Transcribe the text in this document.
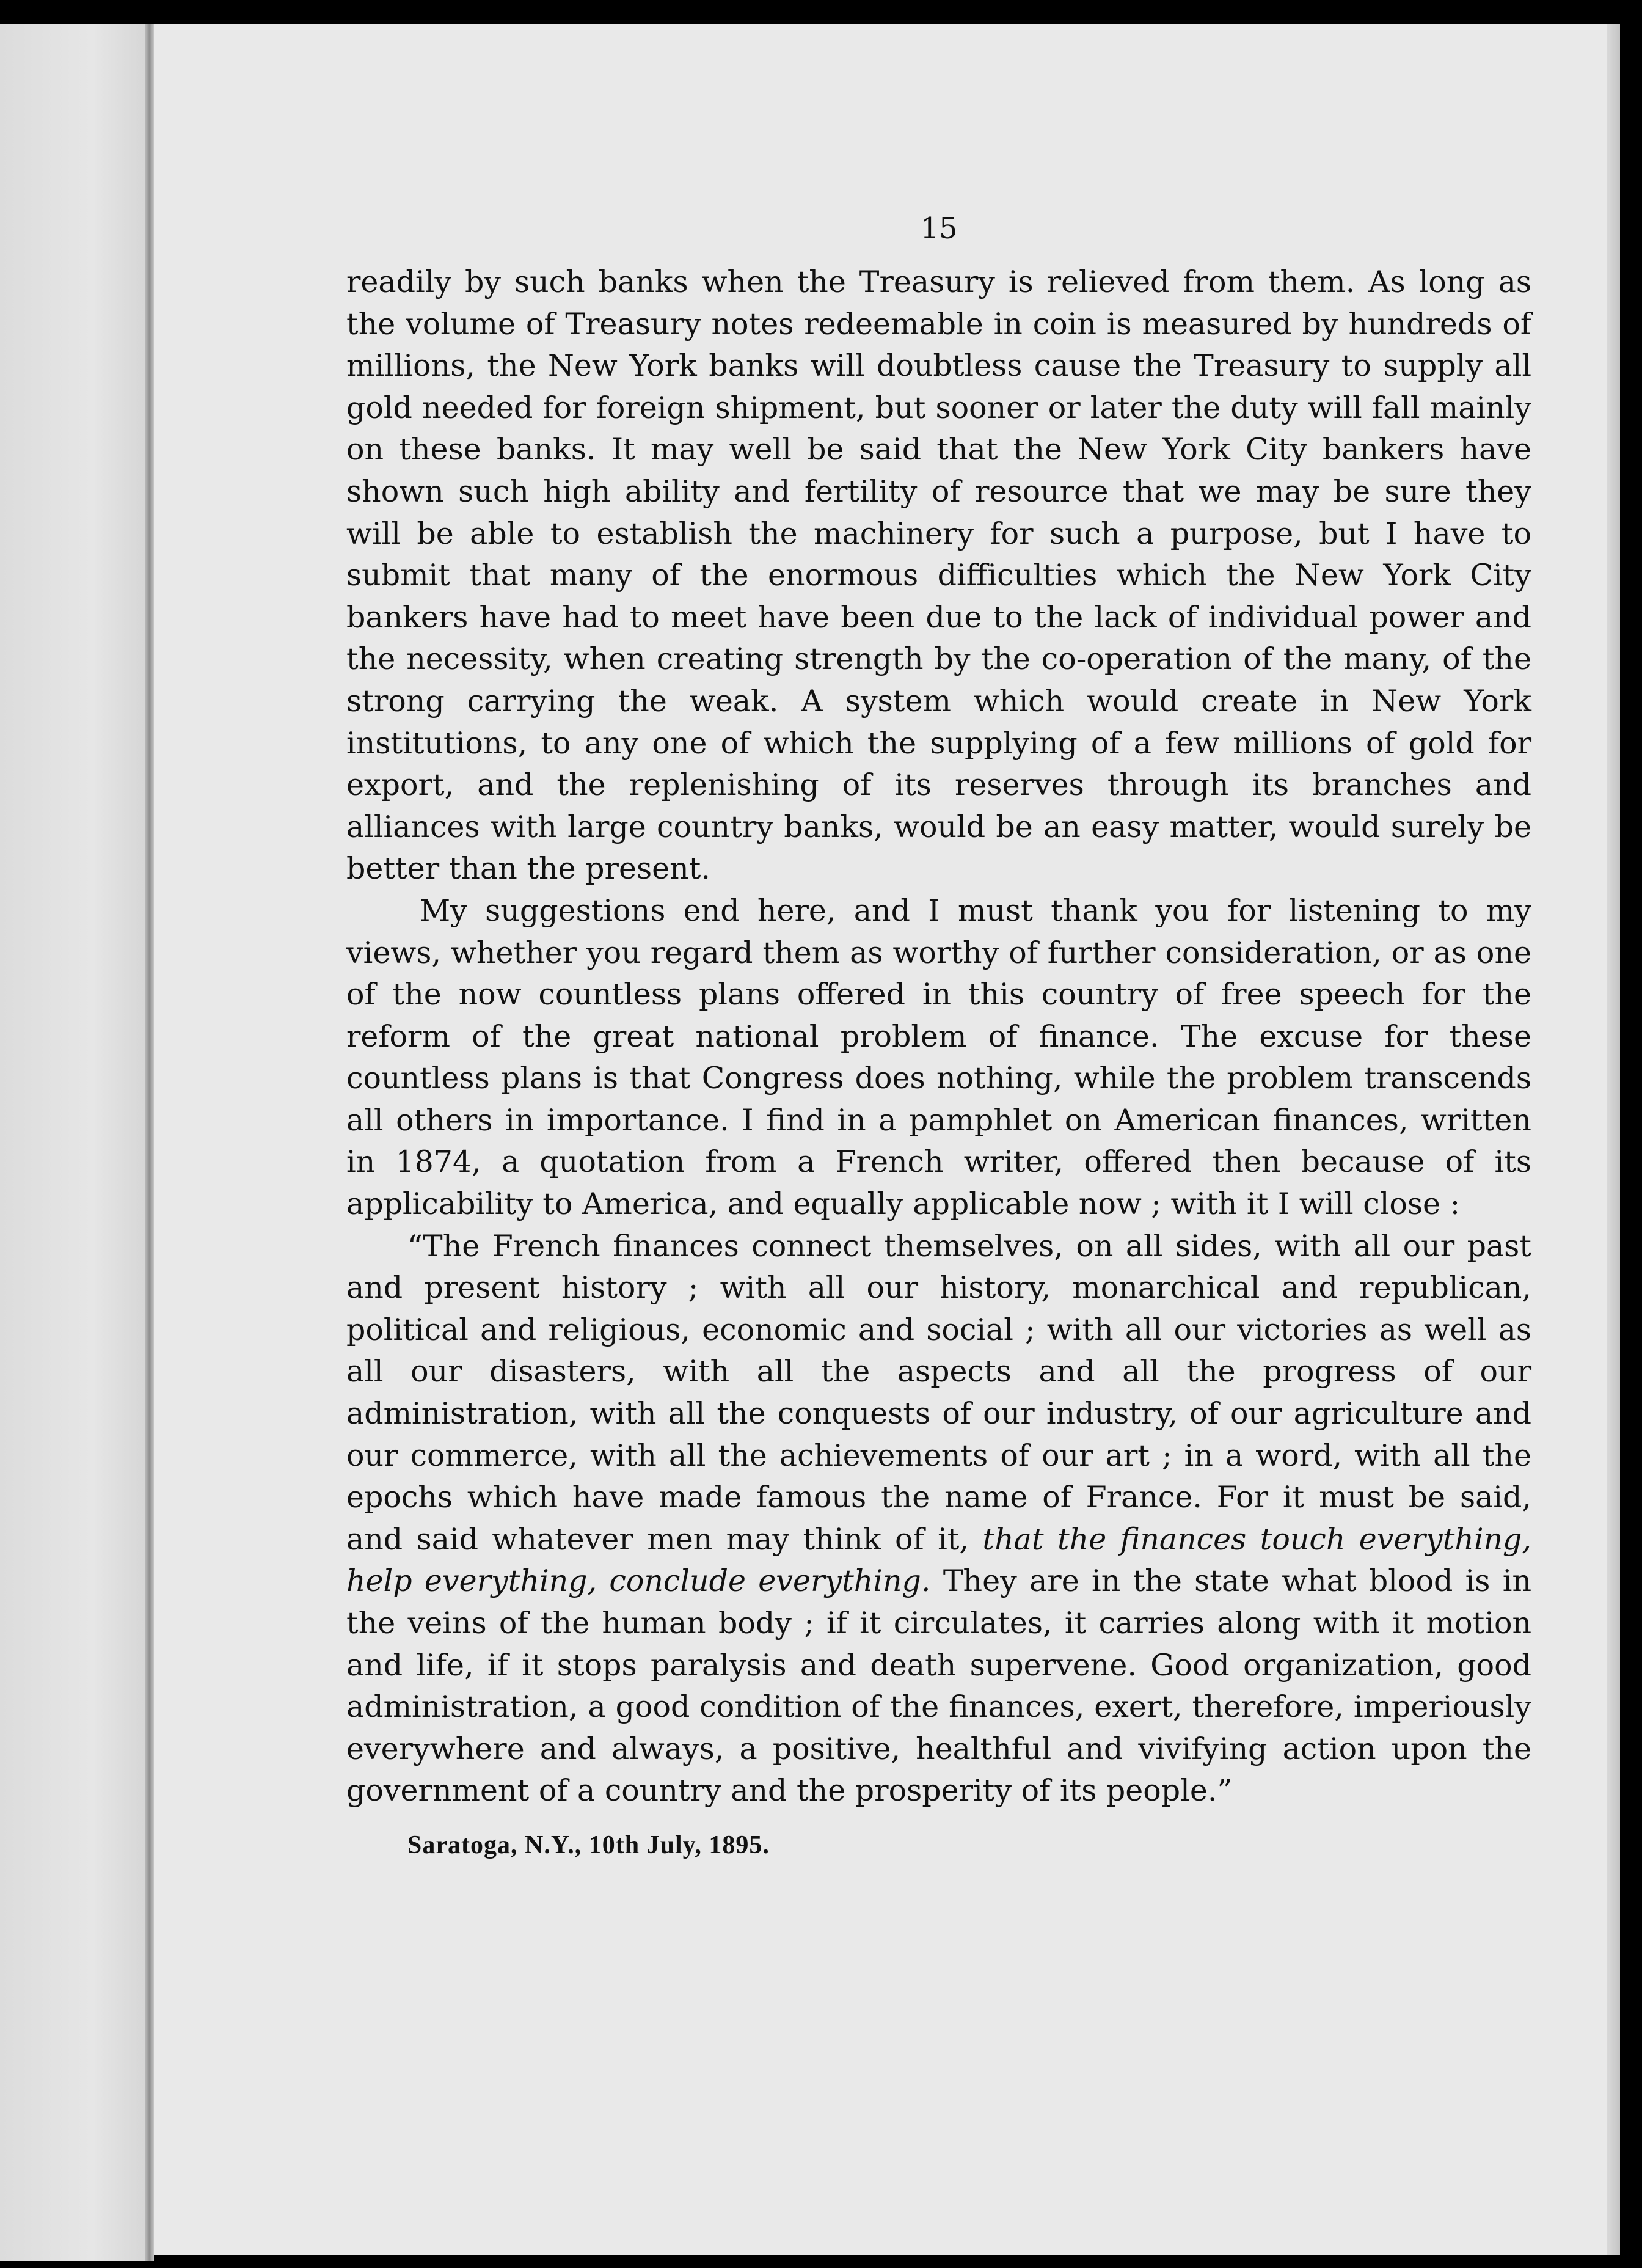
15

readily by such banks when the Treasury is relieved from them. As long as the volume of Treasury notes redeemable in coin is measured by hundreds of millions, the New York banks will doubtless cause the Treasury to supply all gold needed for foreign shipment, but sooner or later the duty will fall mainly on these banks. It may well be said that the New York City bankers have shown such high ability and fertility of resource that we may be sure they will be able to establish the machinery for such a purpose, but I have to submit that many of the enormous difficulties which the New York City bankers have had to meet have been due to the lack of individual power and the necessity, when creating strength by the co-operation of the many, of the strong carrying the weak. A system which would create in New York institutions, to any one of which the supplying of a few millions of gold for export, and the replenishing of its reserves through its branches and alliances with large country banks, would be an easy matter, would surely be better than the present.

My suggestions end here, and I must thank you for listening to my views, whether you regard them as worthy of further consideration, or as one of the now countless plans offered in this country of free speech for the reform of the great national problem of finance. The excuse for these countless plans is that Congress does nothing, while the problem transcends all others in importance. I find in a pamphlet on American finances, written in 1874, a quotation from a French writer, offered then because of its applicability to America, and equally applicable now ; with it I will close :

“The French finances connect themselves, on all sides, with all our past and present history ; with all our history, monarchical and republican, political and religious, economic and social ; with all our victories as well as all our disasters, with all the aspects and all the progress of our administration, with all the conquests of our industry, of our agriculture and our commerce, with all the achievements of our art ; in a word, with all the epochs which have made famous the name of France. For it must be said, and said whatever men may think of it, that the finances touch everything, help everything, conclude everything. They are in the state what blood is in the veins of the human body ; if it circulates, it carries along with it motion and life, if it stops paralysis and death supervene. Good organization, good administration, a good condition of the finances, exert, therefore, imperiously everywhere and always, a positive, healthful and vivifying action upon the government of a country and the prosperity of its people.”

Saratoga, N.Y., 10th July, 1895.
